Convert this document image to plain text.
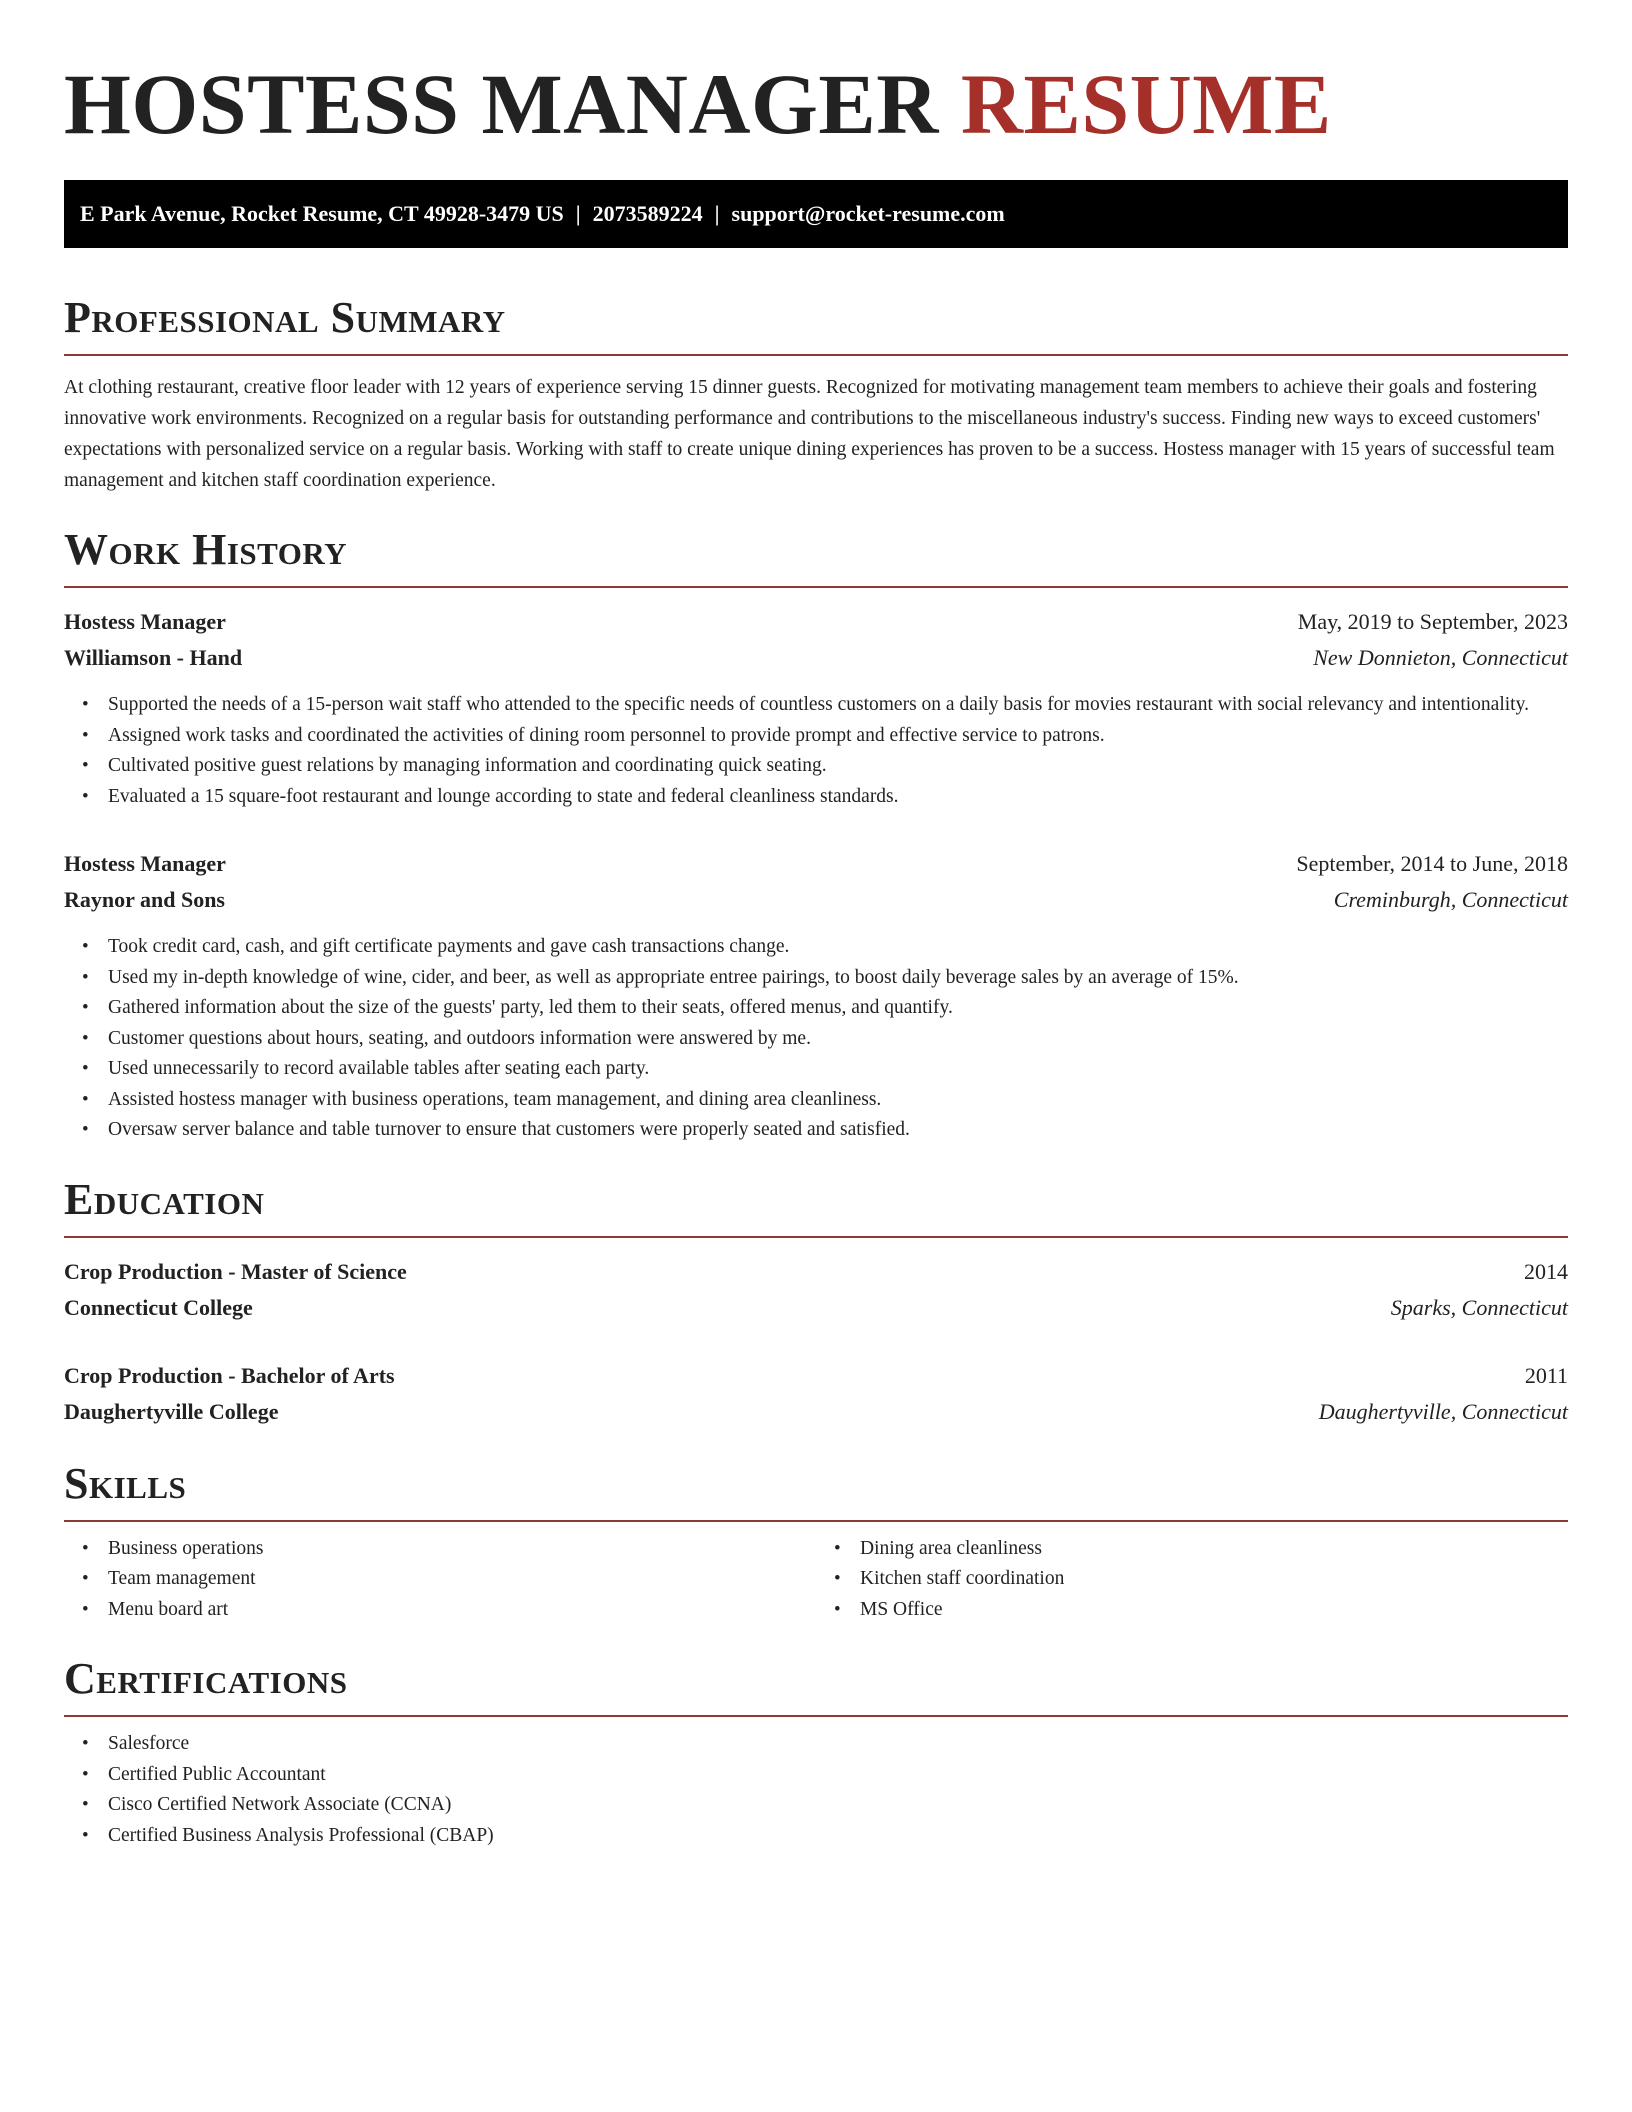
HOSTESS MANAGER RESUME
E Park Avenue, Rocket Resume, CT 49928-3479 US | 2073589224 | support@rocket-resume.com
Professional Summary

At clothing restaurant, creative floor leader with 12 years of experience serving 15 dinner guests. Recognized for motivating management team members to achieve their goals and fostering innovative work environments. Recognized on a regular basis for outstanding performance and contributions to the miscellaneous industry's success. Finding new ways to exceed customers' expectations with personalized service on a regular basis. Working with staff to create unique dining experiences has proven to be a success. Hostess manager with 15 years of successful team management and kitchen staff coordination experience.

Work History
Hostess Manager	May, 2019 to September, 2023
Williamson - Hand	New Donnieton, Connecticut
• Supported the needs of a 15-person wait staff who attended to the specific needs of countless customers on a daily basis for movies restaurant with social relevancy and intentionality.
• Assigned work tasks and coordinated the activities of dining room personnel to provide prompt and effective service to patrons.
• Cultivated positive guest relations by managing information and coordinating quick seating.
• Evaluated a 15 square-foot restaurant and lounge according to state and federal cleanliness standards.
Hostess Manager	September, 2014 to June, 2018
Raynor and Sons	Creminburgh, Connecticut
• Took credit card, cash, and gift certificate payments and gave cash transactions change.
• Used my in-depth knowledge of wine, cider, and beer, as well as appropriate entree pairings, to boost daily beverage sales by an average of 15%.
• Gathered information about the size of the guests' party, led them to their seats, offered menus, and quantify.
• Customer questions about hours, seating, and outdoors information were answered by me.
• Used unnecessarily to record available tables after seating each party.
• Assisted hostess manager with business operations, team management, and dining area cleanliness.
• Oversaw server balance and table turnover to ensure that customers were properly seated and satisfied.
Education
Crop Production - Master of Science	2014
Connecticut College	Sparks, Connecticut
Crop Production - Bachelor of Arts	2011
Daughertyville College	Daughertyville, Connecticut
Skills
• Business operations
• Team management
• Menu board art
• Dining area cleanliness
• Kitchen staff coordination
• MS Office
Certifications
• Salesforce
• Certified Public Accountant
• Cisco Certified Network Associate (CCNA)
• Certified Business Analysis Professional (CBAP)
